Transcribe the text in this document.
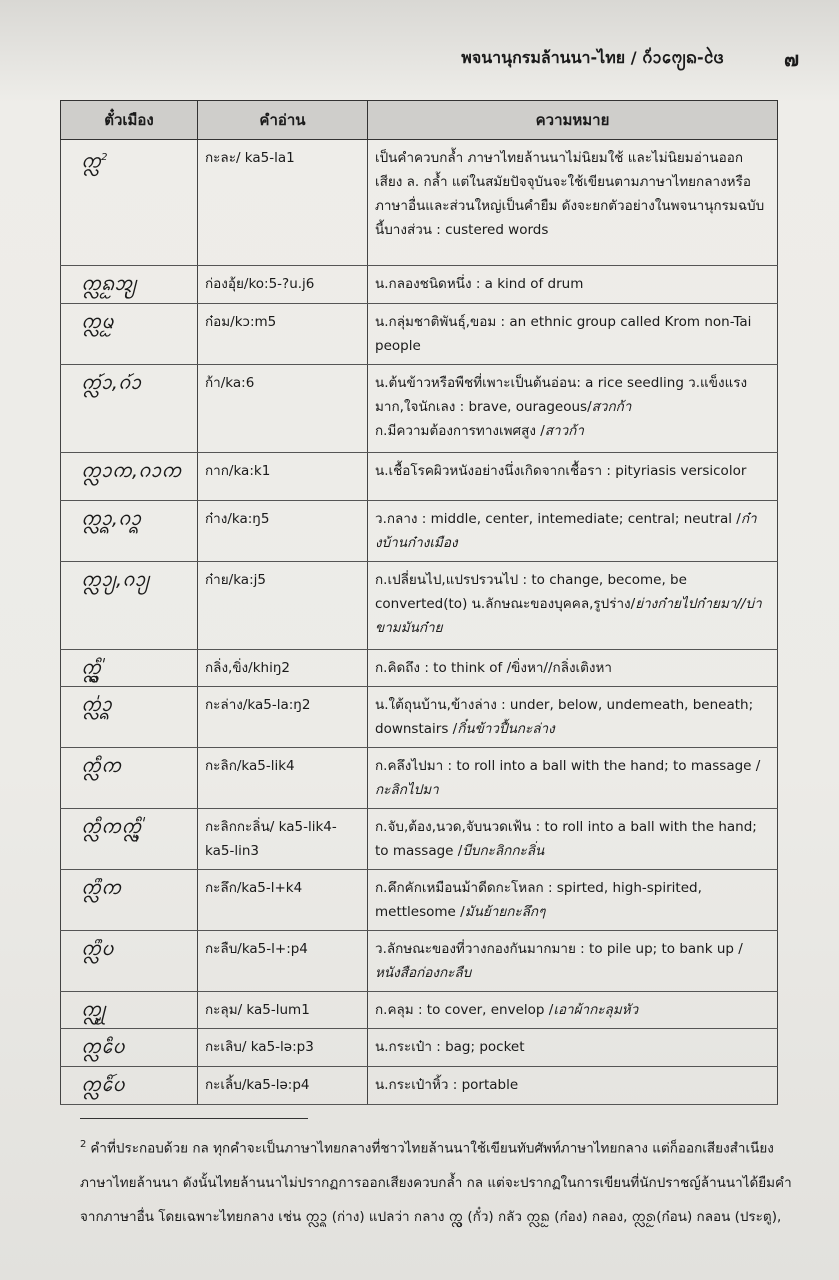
พจนานุกรมล้านนา-ไทย / ᨣᩴ᩵ᩣᨻᩮ᩠ᨿᨦ-ᨴᩱ	๗
ตั๋วเมือง	คำอ่าน	ความหมาย
ᨠᩖ$^2$	กะละ/ ka5-la1	เป็นคำควบกล้ำ ภาษาไทยล้านนาไม่นิยมใช้ และไม่นิยมอ่านออกเสียง ล. กล้ำ แต่ในสมัยปัจจุบันจะใช้เขียนตามภาษาไทยกลางหรือภาษาอื่นและส่วนใหญ่เป็นคำยืม ดังจะยกตัวอย่างในพจนานุกรมฉบับนี้บางส่วน : custered words
ᨠᩖᩬᨦᩋᩩ᩠ᨿ	ก่องอุ้ย/ko:5-?u.j6	น.กลองชนิดหนึ่ง : a kind of drum
ᨠᩖᩬᨾ	ก๋อม/kɔ:m5	น.กลุ่มชาติพันธุ์,ขอม : an ethnic group called Krom non-Tai people
ᨠᩖ᩶ᩣ,ᨣ᩶ᩣ	ก้า/ka:6	น.ต้นข้าวหรือพืชที่เพาะเป็นต้นอ่อน: a rice seedling ว.แข็งแรงมาก,ใจนักเลง : brave, ouragеous/สวกก้า
ก.มีความต้องการทางเพศสูง /สาวก้า
ᨠᩖᩣᨠ,ᨣᩣᨠ	กาก/ka:k1	น.เชื้อโรคผิวหนังอย่างนึ่งเกิดจากเชื้อรา : pityriasis versicolor
ᨠᩖᩣ᩠ᨦ,ᨣᩣ᩠ᨦ	ก๋าง/ka:ŋ5	ว.กลาง : middle, center, intemediate; central; neutral /ก๋างบ้านก๋างเมือง
ᨠᩖᩣ᩠ᨿ,ᨣᩣ᩠ᨿ	ก๋าย/ka:j5	ก.เปลี่ยนไป,แปรปรวนไป : to change, become, be converted(to) น.ลักษณะของบุคคล,รูปร่าง/ย่างก๋ายไปก๋ายมา//บ่าขามมันก๋าย
ᨠᩖᩥ᩠᩵ᨦ	กลิ่ง,ขิ่ง/khiŋ2	ก.คิดถึง : to think of /ขิ่งหา//กลิ่งเติงหา
ᨠᩖ᩵ᩣ᩠ᨦ	กะล่าง/ka5-la:ŋ2	น.ใต้ถุนบ้าน,ข้างล่าง : under, below, undemeath, beneath; downstairs /กิ๋นข้าวปื้นกะล่าง
ᨠᩖᩥᨠ	กะลิก/ka5-lik4	ก.คลึงไปมา : to roll into a ball with the hand; to massage /กะลิกไปมา
ᨠᩖᩥᨠᨠᩖᩥ᩠᩵ᨶ	กะลิกกะลิ่น/ ka5-lik4-ka5-lin3	ก.จับ,ต้อง,นวด,จับนวดเฟ้น : to roll into a ball with the hand; to massage /บีบกะลิกกะลิ่น
ᨠᩖᩨᨠ	กะลึก/ka5-l+k4	ก.คึกคักเหมือนม้าดีดกะโหลก : spirted, high-spirited, mettlesome /มันย้ายกะลึกๆ
ᨠᩖᩨᨷ	กะลืบ/ka5-l+:p4	ว.ลักษณะของที่วางกองกันมากมาย : to pile up; to bank up /หนังสือก่องกะลืบ
ᨠᩖᩩ᩠ᨾ	กะลุม/ ka5-lum1	ก.คลุม : to cover, envelop /เอาผ้ากะลุมหัว
ᨠᩖᩮᩥᨷ	กะเลิบ/ ka5-lə:p3	น.กระเป๋า : bag; pocket
ᨠᩖᩮᩥ᩶ᨷ	กะเลิ้บ/ka5-lə:p4	น.กระเป๋าหิ้ว : portable
$^2$ คำที่ประกอบด้วย กล ทุกคำจะเป็นภาษาไทยกลางที่ชาวไทยล้านนาใช้เขียนทับศัพท์ภาษาไทยกลาง แต่ก็ออกเสียงสำเนียงภาษาไทยล้านนา ดังนั้นไทยล้านนาไม่ปรากฏการออกเสียงควบกล้ำ กล แต่จะปรากฏในการเขียนที่นักปราชญ์ล้านนาได้ยืมคำจากภาษาอื่น โดยเฉพาะไทยกลาง เช่น ᨠᩖᩣ᩠ᨦ (ก่าง) แปลว่า กลาง ᨠᩖ᩠ᩅ (กั๋ว) กลัว ᨠᩖᩬᨦ (ก๋อง) กลอง, ᨠᩖᩬᩁ(ก๋อน) กลอน (ประตู),
